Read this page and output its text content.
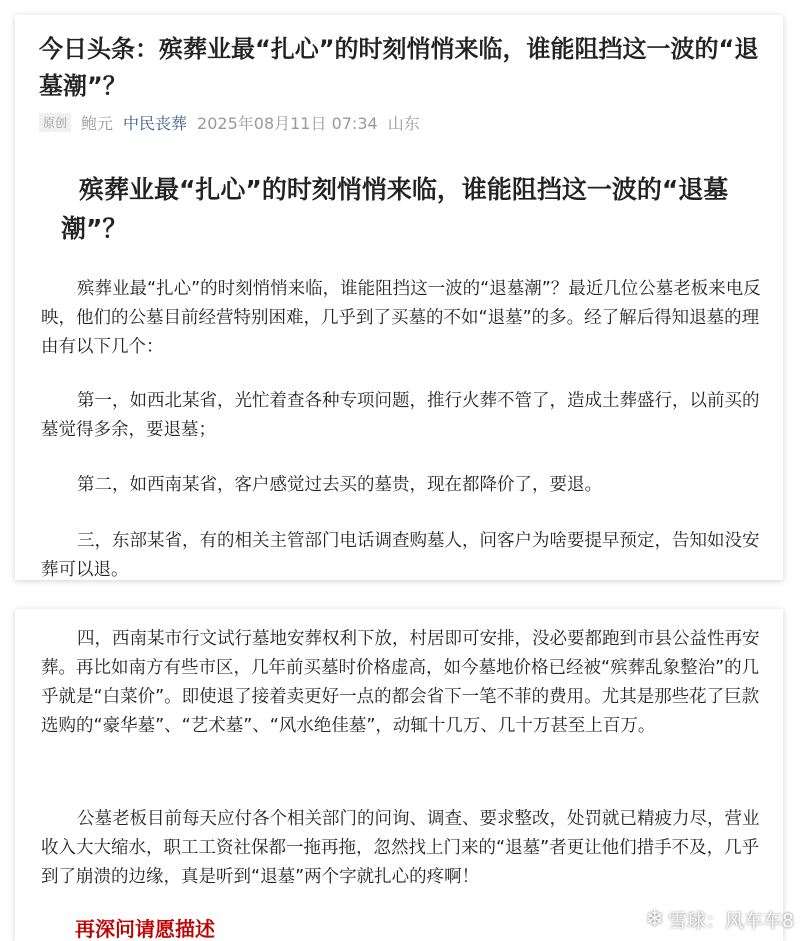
今日头条：殡葬业最“扎心”的时刻悄悄来临，谁能阻挡这一波的“退墓潮”？
原创 鲍元 中民丧葬 2025年08月11日 07:34 山东
殡葬业最“扎心”的时刻悄悄来临，谁能阻挡这一波的“退墓潮”？

殡葬业最“扎心”的时刻悄悄来临，谁能阻挡这一波的“退墓潮”？最近几位公墓老板来电反映，他们的公墓目前经营特别困难，几乎到了买墓的不如“退墓”的多。经了解后得知退墓的理由有以下几个：

第一，如西北某省，光忙着查各种专项问题，推行火葬不管了，造成土葬盛行，以前买的墓觉得多余，要退墓；

第二，如西南某省，客户感觉过去买的墓贵，现在都降价了，要退。

三，东部某省，有的相关主管部门电话调查购墓人，问客户为啥要提早预定，告知如没安葬可以退。

四，西南某市行文试行墓地安葬权利下放，村居即可安排，没必要都跑到市县公益性再安葬。再比如南方有些市区，几年前买墓时价格虚高，如今墓地价格已经被“殡葬乱象整治”的几乎就是“白菜价”。即使退了接着卖更好一点的都会省下一笔不菲的费用。尤其是那些花了巨款选购的“豪华墓”、“艺术墓”、“风水绝佳墓”，动辄十几万、几十万甚至上百万。

公墓老板目前每天应付各个相关部门的问询、调查、要求整改，处罚就已精疲力尽，营业收入大大缩水，职工工资社保都一拖再拖，忽然找上门来的“退墓”者更让他们措手不及，几乎到了崩溃的边缘，真是听到“退墓”两个字就扎心的疼啊！

再深问请愿描述	❄ 雪球：风车车8
